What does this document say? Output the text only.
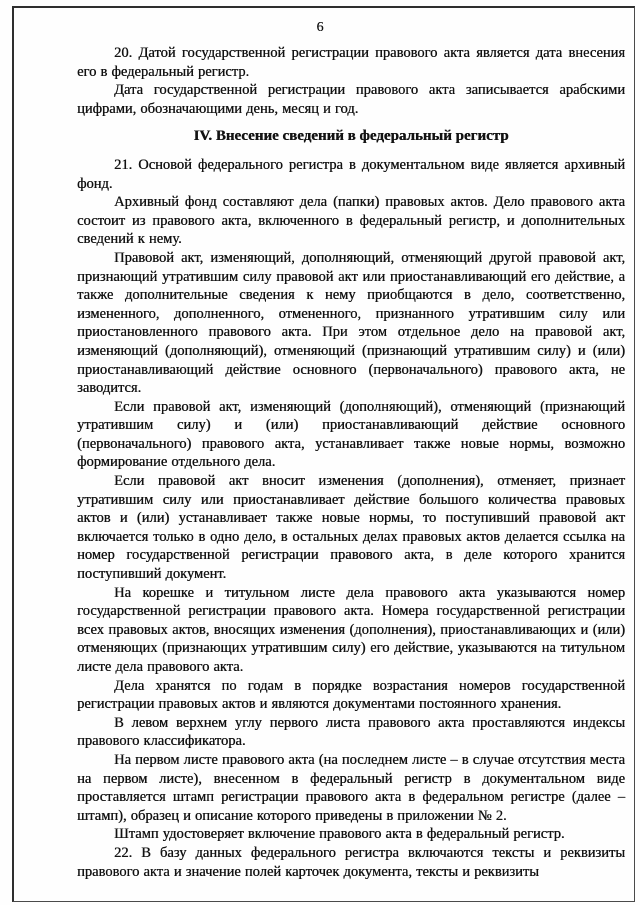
6

20. Датой государственной регистрации правового акта является дата внесения его в федеральный регистр.

Дата государственной регистрации правового акта записывается арабскими цифрами, обозначающими день, месяц и год.

IV. Внесение сведений в федеральный регистр

21. Основой федерального регистра в документальном виде является архивный фонд.

Архивный фонд составляют дела (папки) правовых актов. Дело правового акта состоит из правового акта, включенного в федеральный регистр, и дополнительных сведений к нему.

Правовой акт, изменяющий, дополняющий, отменяющий другой правовой акт, признающий утратившим силу правовой акт или приостанавливающий его действие, а также дополнительные сведения к нему приобщаются в дело, соответственно, измененного, дополненного, отмененного, признанного утратившим силу или приостановленного правового акта. При этом отдельное дело на правовой акт, изменяющий (дополняющий), отменяющий (признающий утратившим силу) и (или) приостанавливающий действие основного (первоначального) правового акта, не заводится.

Если правовой акт, изменяющий (дополняющий), отменяющий (признающий утратившим силу) и (или) приостанавливающий действие основного (первоначального) правового акта, устанавливает также новые нормы, возможно формирование отдельного дела.

Если правовой акт вносит изменения (дополнения), отменяет, признает утратившим силу или приостанавливает действие большого количества правовых актов и (или) устанавливает также новые нормы, то поступивший правовой акт включается только в одно дело, в остальных делах правовых актов делается ссылка на номер государственной регистрации правового акта, в деле которого хранится поступивший документ.

На корешке и титульном листе дела правового акта указываются номер государственной регистрации правового акта. Номера государственной регистрации всех правовых актов, вносящих изменения (дополнения), приостанавливающих и (или) отменяющих (признающих утратившим силу) его действие, указываются на титульном листе дела правового акта.

Дела хранятся по годам в порядке возрастания номеров государственной регистрации правовых актов и являются документами постоянного хранения.

В левом верхнем углу первого листа правового акта проставляются индексы правового классификатора.

На первом листе правового акта (на последнем листе – в случае отсутствия места на первом листе), внесенном в федеральный регистр в документальном виде проставляется штамп регистрации правового акта в федеральном регистре (далее – штамп), образец и описание которого приведены в приложении № 2.

Штамп удостоверяет включение правового акта в федеральный регистр.

22. В базу данных федерального регистра включаются тексты и реквизиты правового акта и значение полей карточек документа, тексты и реквизиты
